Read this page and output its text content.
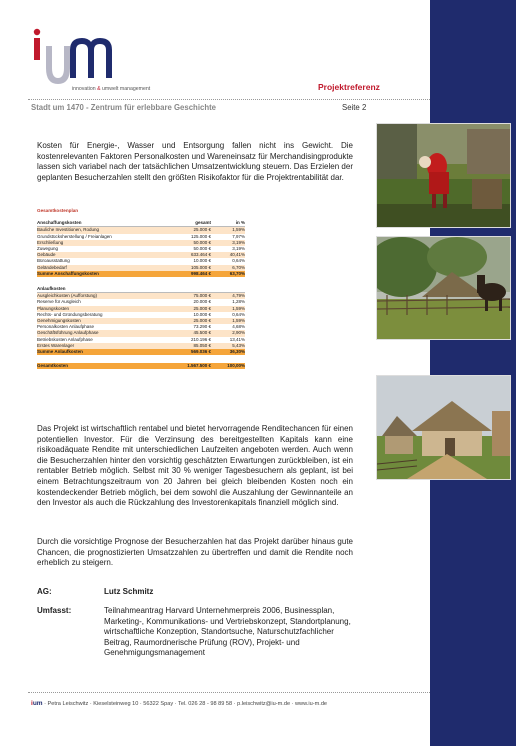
innovation & umwelt management	Projektreferenz
Stadt um 1470 - Zentrum für erlebbare Geschichte	Seite 2
Kosten für Energie-, Wasser und Entsorgung fallen nicht ins Gewicht. Die kostenrelevanten Faktoren Personalkosten und Wareneinsatz für Merchandisingprodukte lassen sich variabel nach der tatsächlichen Umsatzentwicklung steuern. Das Erzielen der geplanten Besucherzahlen stellt den größten Risikofaktor für die Projektrentabilität dar.
Gesamtkostenplan
Anschaffungskosten	gesamt	in %
Bauliche Investitionen, Rodung	25.000 €	1,59%
Grundstücksherstellung / Freianlagen	125.000 €	7,97%
Erschließung	50.000 €	3,19%
Zuwegung	50.000 €	3,19%
Gebäude	633.464 €	40,41%
Büroausstattung	10.000 €	0,64%
Geländebedarf	105.000 €	6,70%
Summe Anschaffungskosten	998.464 €	63,70%
Anlaufkosten
Ausgleichkosten (Aufforstung)	75.000 €	4,79%
Reserve für Ausgleich	20.000 €	1,28%
Planungskosten	25.000 €	1,59%
Rechts- und Gründungsberatung	10.000 €	0,64%
Genehmigungskosten	25.000 €	1,59%
Personalkosten Anlaufphase	73.290 €	4,68%
Geschäftsführung Anlaufphase	45.500 €	2,90%
Betriebskosten Anlaufphase	210.196 €	13,41%
Erstes Warenlager	85.050 €	5,43%
Summe Anlaufkosten	569.036 €	36,30%
Gesamtkosten	1.567.500 €	100,00%
Das Projekt ist wirtschaftlich rentabel und bietet hervorragende Renditechancen für einen potentiellen Investor. Für die Verzinsung des bereitgestellten Kapitals kann eine risikoadäquate Rendite mit unterschiedlichen Laufzeiten angeboten werden. Auch wenn die Besucherzahlen hinter den vorsichtig geschätzten Erwartungen zurückbleiben, ist ein rentabler Betrieb möglich. Selbst mit 30 % weniger Tagesbesuchern als geplant, ist bei einem Betrachtungszeitraum von 20 Jahren bei gleich bleibenden Kosten noch ein kostendeckender Betrieb möglich, bei dem sowohl die Auszahlung der Gewinnanteile an den Investor als auch die Rückzahlung des Investorenkapitals finanziell möglich sind.
Durch die vorsichtige Prognose der Besucherzahlen hat das Projekt darüber hinaus gute Chancen, die prognostizierten Umsatzzahlen zu übertreffen und damit die Rendite noch erheblich zu steigern.
AG:	Lutz Schmitz
Umfasst:	Teilnahmeantrag Harvard Unternehmerpreis 2006, Businessplan, Marketing-, Kommunikations- und Vertriebskonzept, Standortplanung, wirtschaftliche Konzeption, Standortsuche, Naturschutzfachlicher Beitrag, Raumordnerische Prüfung (ROV), Projekt- und Genehmigungsmanagement
ium · Petra Leischwitz · Kieselsteinweg 10 · 56322 Spay · Tel. 026 28 - 98 89 58 · p.leischwitz@iu-m.de · www.iu-m.de
